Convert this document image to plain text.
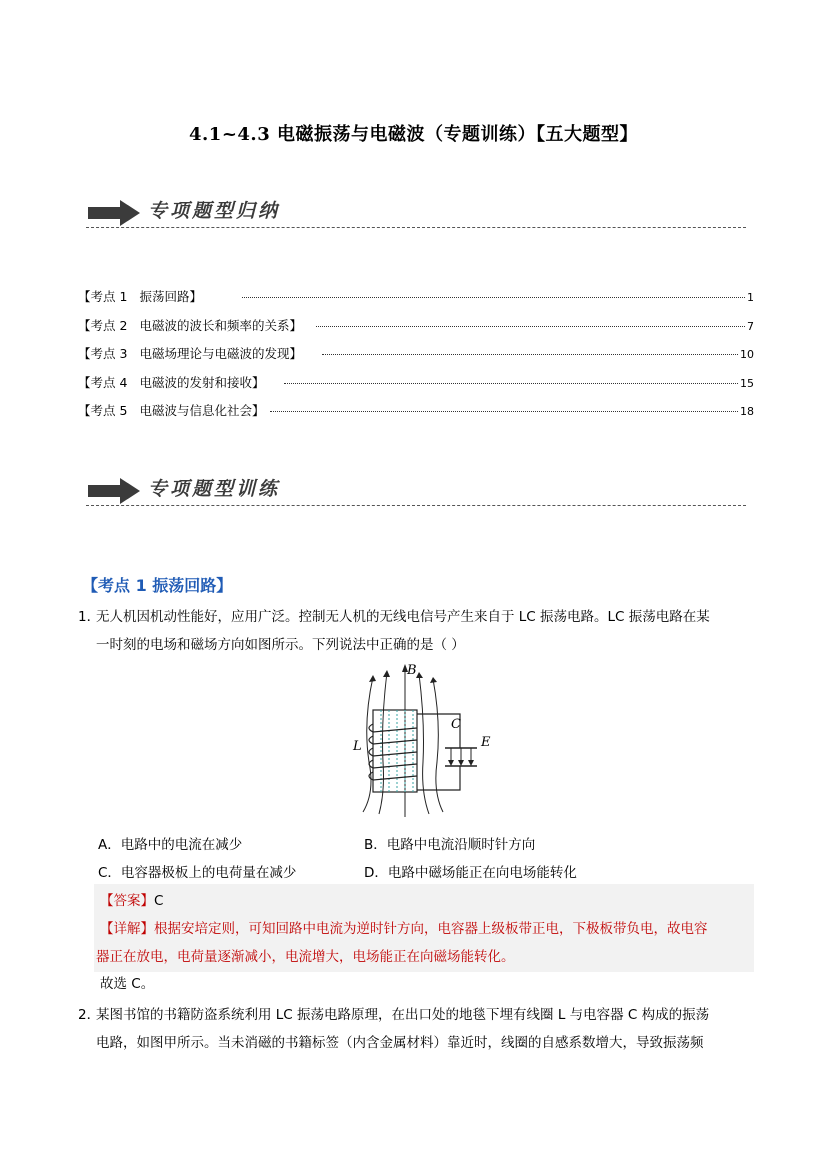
4.1~4.3 电磁振荡与电磁波（专题训练）【五大题型】
专项题型归纳
【考点 1 振荡回路 】	1
【考点 2 电磁波的波长和频率的关系 】	7
【考点 3 电磁场理论与电磁波的发现 】	10
【考点 4 电磁波的发射和接收 】	15
【考点 5 电磁波与信息化社会 】	18
专项题型训练
【考点 1 振荡回路】
1．
无人机因机动性能好，应用广泛。控制无人机的无线电信号产生来自于 LC 振荡电路。LC 振荡电路在某
一时刻的电场和磁场方向如图所示。下列说法中正确的是（ ）
B
C
E
L
A．电路中的电流在减少	B．电路中电流沿顺时针方向
C．电容器极板上的电荷量在减少	D．电路中磁场能正在向电场能转化
【答案】C
【详解】根据安培定则，可知回路中电流为逆时针方向，电容器上级板带正电，下极板带负电，故电容
器正在放电，电荷量逐渐减小，电流增大，电场能正在向磁场能转化。
故选 C。
2．
某图书馆的书籍防盗系统利用 LC 振荡电路原理，在出口处的地毯下埋有线圈 L 与电容器 C 构成的振荡
电路，如图甲所示。当未消磁的书籍标签（内含金属材料）靠近时，线圈的自感系数增大，导致振荡频
